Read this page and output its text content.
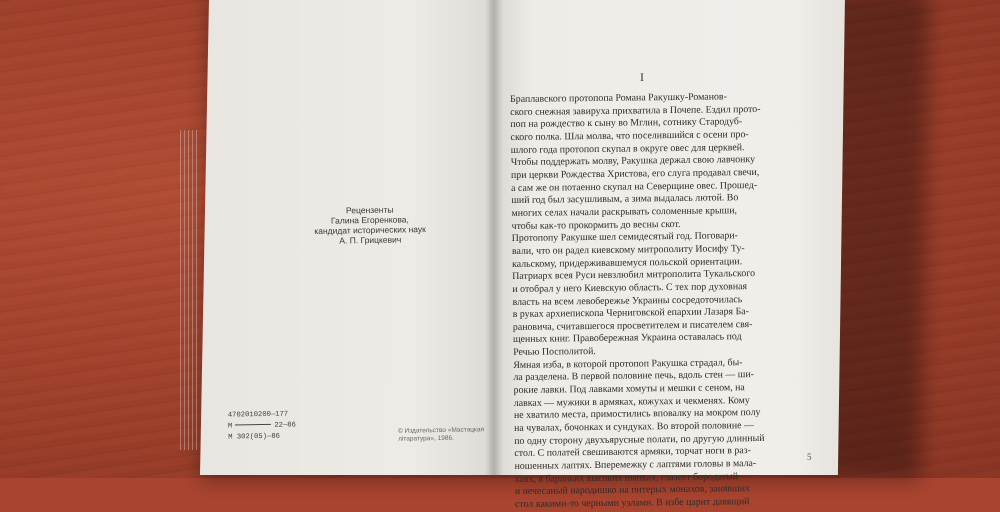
Рецензенты
Галина Егоренкова,
кандидат исторических наук
А. П. Грицкевич
4702010200—177
М	22—86
М 302(05)—86
© Издательство «Мастацкая
літаратура», 1986.
I
Браплавского протопопа Романа Ракушку-Романов-
ского снежная завируха прихватила в Почепе. Ездил прото-
поп на рождество к сыну во Мглин, сотнику Стародуб-
ского полка. Шла молва, что поселившийся с осени про-
шлого года протопоп скупал в округе овес для церквей.
Чтобы поддержать молву, Ракушка держал свою лавчонку
при церкви Рождества Христова, его слуга продавал свечи,
а сам же он потаенно скупал на Северщине овес. Прошед-
ший год был засушливым, а зима выдалась лютой. Во
многих селах начали раскрывать соломенные крыши,
чтобы как-то прокормить до весны скот.
Протопопу Ракушке шел семидесятый год. Поговари-
вали, что он радел киевскому митрополиту Иосифу Ту-
кальскому, придерживавшемуся польской ориентации.
Патриарх всея Руси невзлюбил митрополита Тукальского
и отобрал у него Киевскую область. С тех пор духовная
власть на всем левобережье Украины сосредоточилась
в руках архиепископа Черниговской епархии Лазаря Ба-
рановича, считавшегося просветителем и писателем свя-
щенных книг. Правобережная Украина оставалась под
Речью Посполитой.
Ямная изба, в которой протопоп Ракушка страдал, бы-
ла разделена. В первой половине печь, вдоль стен — ши-
рокие лавки. Под лавками хомуты и мешки с сеном, на
лавках — мужики в армяках, кожухах и чекменях. Кому
не хватило места, примостились вповалку на мокром полу
на чувалах, бочонках и сундуках. Во второй половине —
по одну сторону двухъярусные полати, по другую длинный
стол. С полатей свешиваются армяки, торчат ноги в раз-
ношенных лаптях. Вперемежку с лаптями головы в мала-
хаях, в бараньих высоких шапках, глазеет бородатый
и нечесаный народишко на питерых монахов, занявших
стол какими-то черными узлами. В избе царит давящий
5
